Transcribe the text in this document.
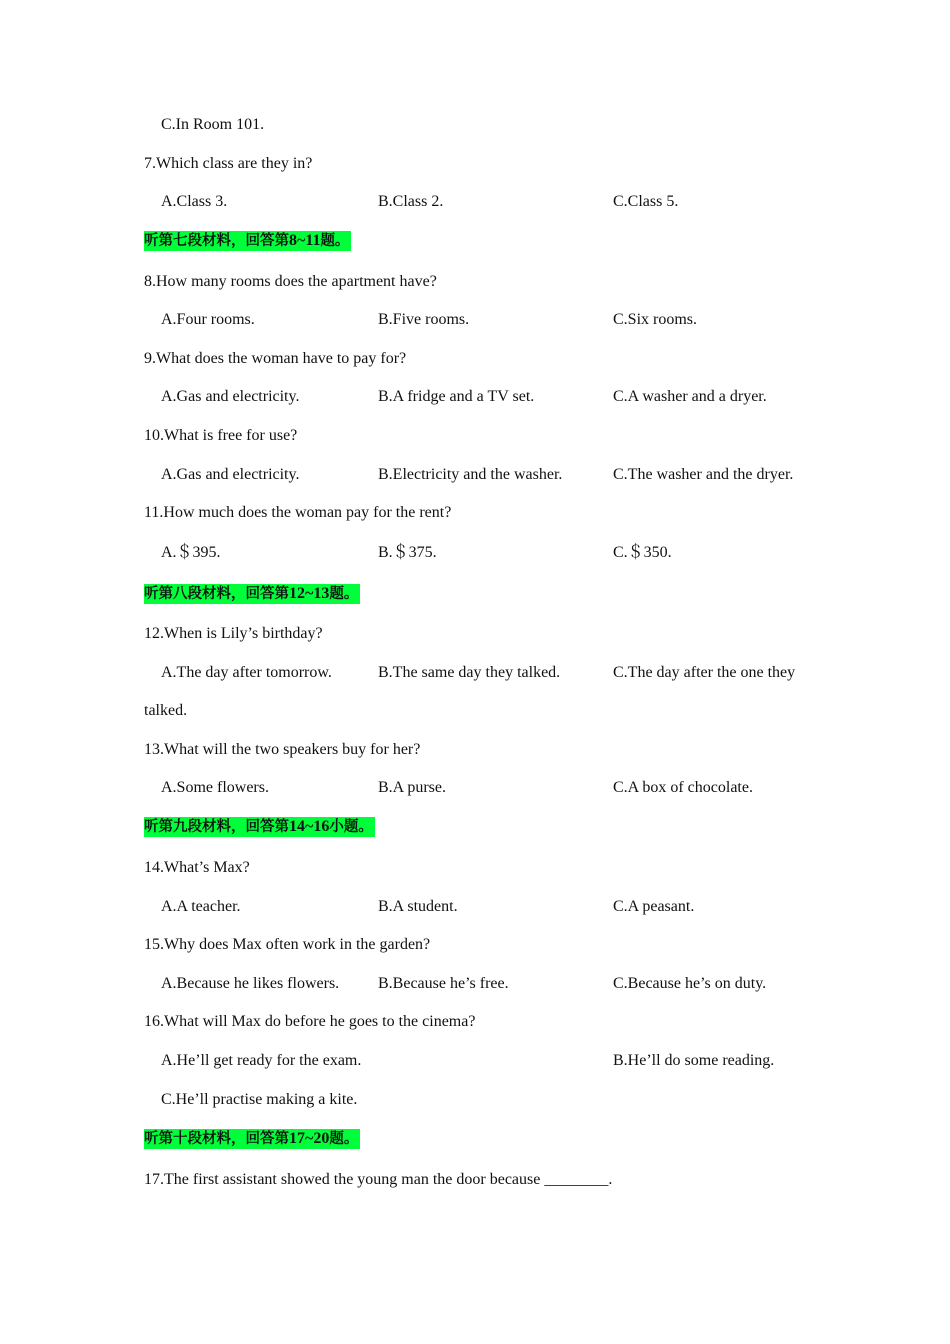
C.In Room 101.
7.Which class are they in?
A.Class 3.	B.Class 2.	C.Class 5.
听第七段材料，回答第8~11题。
8.How many rooms does the apartment have?
A.Four rooms.	B.Five rooms.	C.Six rooms.
9.What does the woman have to pay for?
A.Gas and electricity.	B.A fridge and a TV set.	C.A washer and a dryer.
10.What is free for use?
A.Gas and electricity.	B.Electricity and the washer.	C.The washer and the dryer.
11.How much does the woman pay for the rent?
A.＄395.	B.＄375.	C.＄350.
听第八段材料，回答第12~13题。
12.When is Lily’s birthday?
A.The day after tomorrow.	B.The same day they talked.	C.The day after the one they
talked.
13.What will the two speakers buy for her?
A.Some flowers.	B.A purse.	C.A box of chocolate.
听第九段材料，回答第14~16小题。
14.What’s Max?
A.A teacher.	B.A student.	C.A peasant.
15.Why does Max often work in the garden?
A.Because he likes flowers. B.Because he’s free.	C.Because he’s on duty.
16.What will Max do before he goes to the cinema?
A.He’ll get ready for the exam.	B.He’ll do some reading.
C.He’ll practise making a kite.
听第十段材料，回答第17~20题。
17.The first assistant showed the young man the door because ________.
